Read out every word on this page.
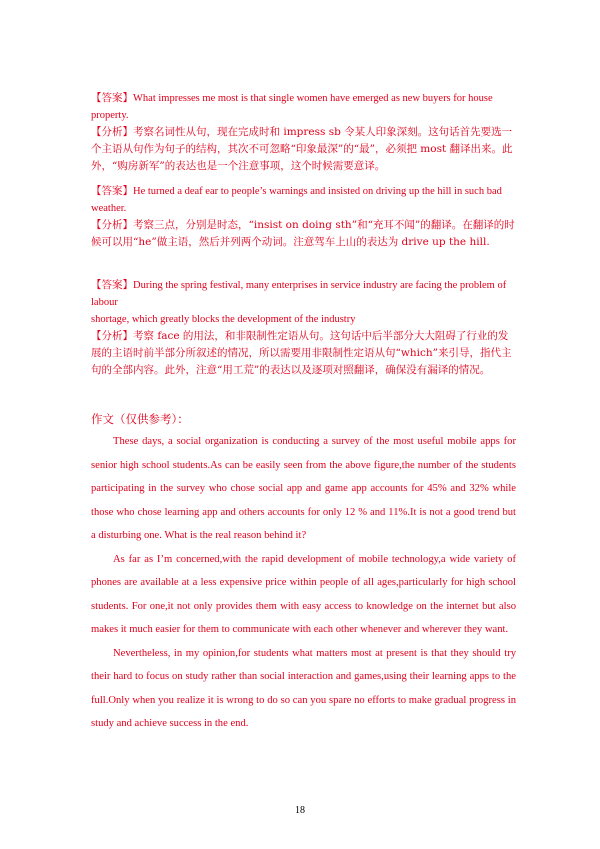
【答案】What impresses me most is that single women have emerged as new buyers for house property.

【分析】考察名词性从句，现在完成时和 impress sb 令某人印象深刻。这句话首先要选一个主语从句作为句子的结构，其次不可忽略“印象最深”的“最”，必须把 most 翻译出来。此外，“购房新军”的表达也是一个注意事项，这个时候需要意译。

【答案】He turned a deaf ear to people’s warnings and insisted on driving up the hill in such bad weather.

【分析】考察三点，分别是时态，“insist on doing sth”和“充耳不闻”的翻译。在翻译的时候可以用“he”做主语，然后并列两个动词。注意驾车上山的表达为 drive up the hill.

【答案】During the spring festival, many enterprises in service industry are facing the problem of labour

shortage, which greatly blocks the development of the industry

【分析】考察 face 的用法，和非限制性定语从句。这句话中后半部分大大阻碍了行业的发展的主语时前半部分所叙述的情况，所以需要用非限制性定语从句“which”来引导，指代主句的全部内容。此外，注意“用工荒”的表达以及逐项对照翻译，确保没有漏译的情况。

作文（仅供参考）：

These days, a social organization is conducting a survey of the most useful mobile apps for senior high school students.As can be easily seen from the above figure,the number of the students participating in the survey who chose social app and game app accounts for 45% and 32% while those who chose learning app and others accounts for only 12 % and 11%.It is not a good trend but a disturbing one. What is the real reason behind it?

As far as I’m concerned,with the rapid development of mobile technology,a wide variety of phones are available at a less expensive price within people of all ages,particularly for high school students. For one,it not only provides them with easy access to knowledge on the internet but also makes it much easier for them to communicate with each other whenever and wherever they want.

Nevertheless, in my opinion,for students what matters most at present is that they should try their hard to focus on study rather than social interaction and games,using their learning apps to the full.Only when you realize it is wrong to do so can you spare no efforts to make gradual progress in study and achieve success in the end.

18
